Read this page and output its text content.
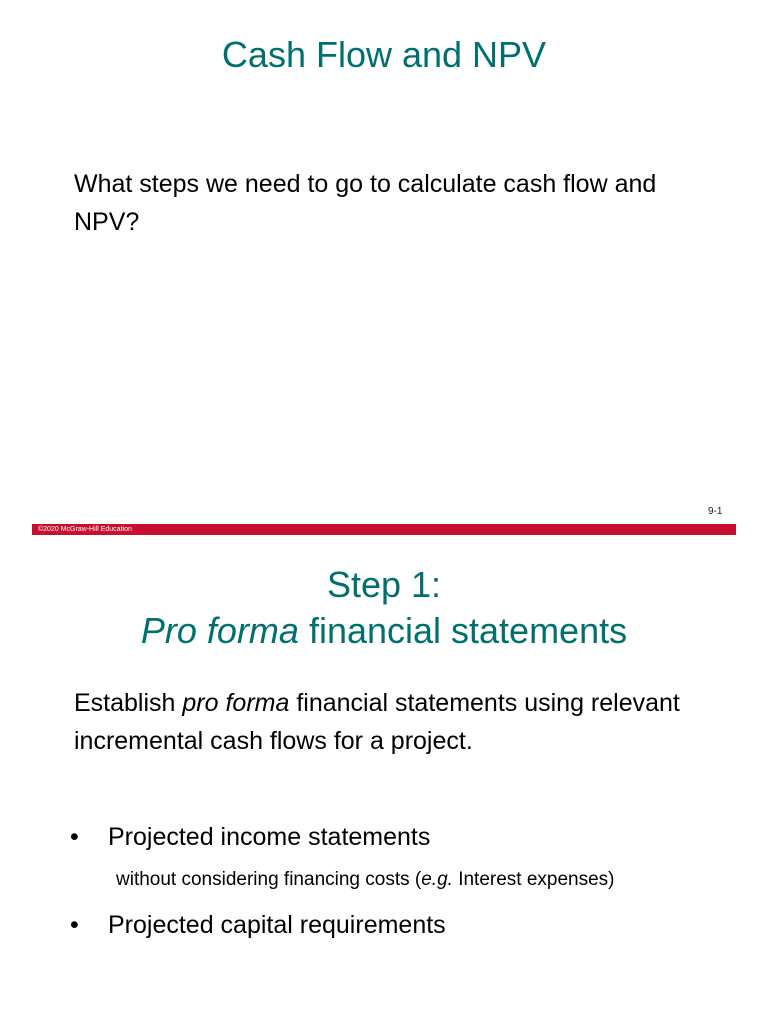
Cash Flow and NPV
What steps we need to go to calculate cash flow and NPV?
9-1
©2020 McGraw-Hill Education
Step 1:
Pro forma financial statements
Establish pro forma financial statements using relevant incremental cash flows for a project.
• Projected income statements
without considering financing costs (e.g. Interest expenses)
• Projected capital requirements
